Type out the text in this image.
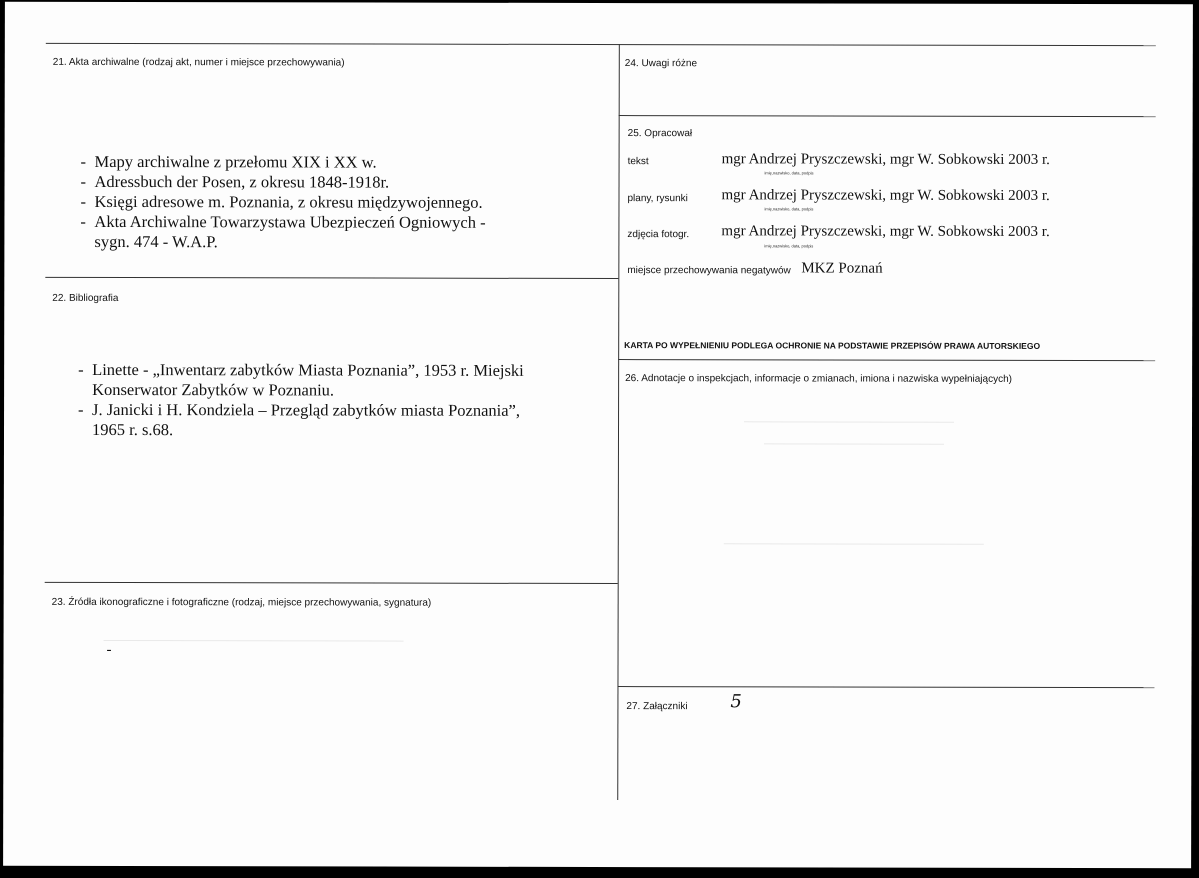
21. Akta archiwalne (rodzaj akt, numer i miejsce przechowywania)
- Mapy archiwalne z przełomu XIX i XX w.
- Adressbuch der Posen, z okresu 1848-1918r.
- Księgi adresowe m. Poznania, z okresu międzywojennego.
- Akta Archiwalne Towarzystawa Ubezpieczeń Ogniowych - sygn. 474 - W.A.P.
22. Bibliografia
- Linette - „Inwentarz zabytków Miasta Poznania”, 1953 r. Miejski Konserwator Zabytków w Poznaniu.
- J. Janicki i H. Kondziela – Przegląd zabytków miasta Poznania”, 1965 r. s.68.
23. Źródła ikonograficzne i fotograficzne (rodzaj, miejsce przechowywania, sygnatura)
-
24. Uwagi różne
25. Opracował
tekst	mgr Andrzej Pryszczewski, mgr W. Sobkowski 2003 r.
imię,nazwisko, data, podpis
plany, rysunki mgr Andrzej Pryszczewski, mgr W. Sobkowski 2003 r.
imię,nazwisko, data, podpis
zdjęcia fotogr. mgr Andrzej Pryszczewski, mgr W. Sobkowski 2003 r.
imię,nazwisko, data, podpis
miejsce przechowywania negatywów MKZ Poznań
KARTA PO WYPEŁNIENIU PODLEGA OCHRONIE NA PODSTAWIE PRZEPISÓW PRAWA AUTORSKIEGO
26. Adnotacje o inspekcjach, informacje o zmianach, imiona i nazwiska wypełniających)
27. Załączniki 5
